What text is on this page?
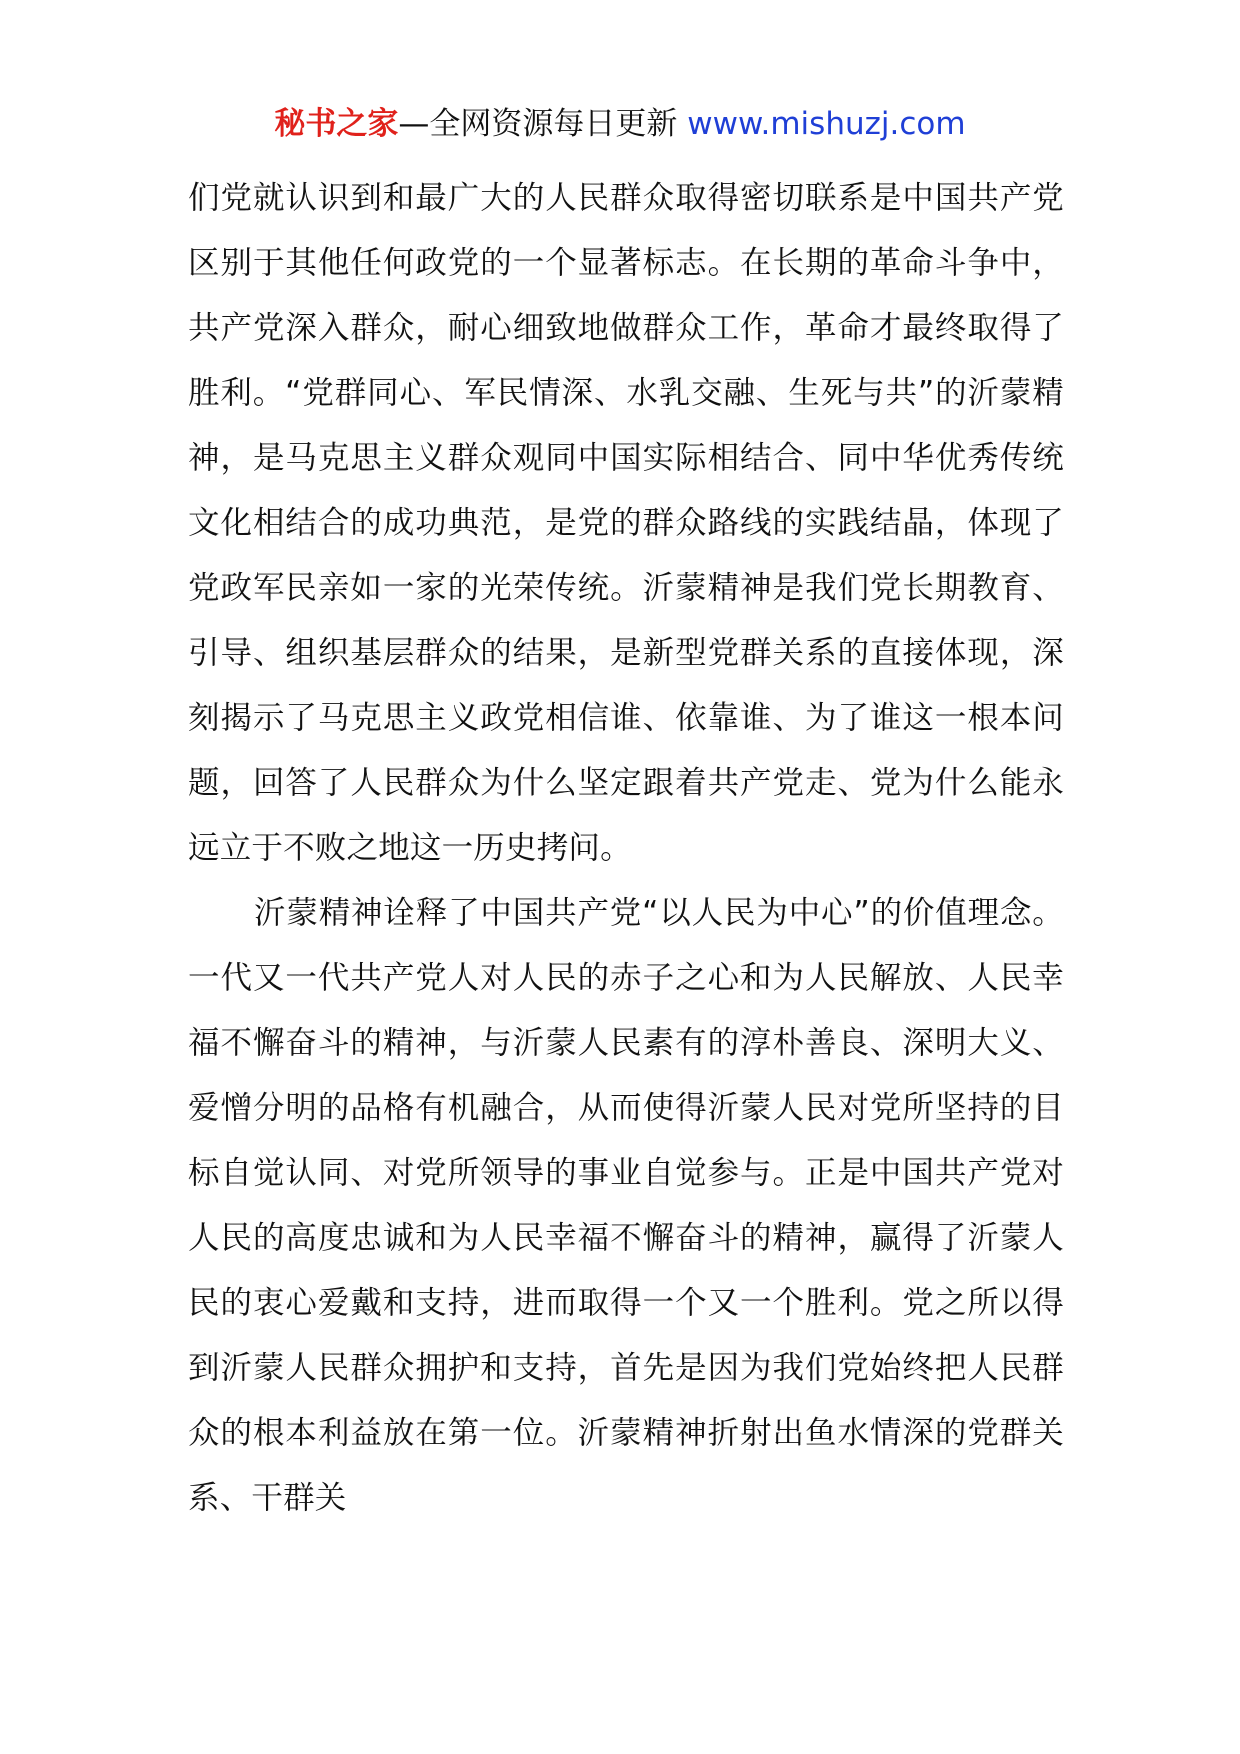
秘书之家—全网资源每日更新 www.mishuzj.com

们党就认识到和最广大的人民群众取得密切联系是中国共产党区别于其他任何政党的一个显著标志。在长期的革命斗争中，共产党深入群众，耐心细致地做群众工作，革命才最终取得了胜利。“党群同心、军民情深、水乳交融、生死与共”的沂蒙精神，是马克思主义群众观同中国实际相结合、同中华优秀传统文化相结合的成功典范，是党的群众路线的实践结晶，体现了党政军民亲如一家的光荣传统。沂蒙精神是我们党长期教育、引导、组织基层群众的结果，是新型党群关系的直接体现，深刻揭示了马克思主义政党相信谁、依靠谁、为了谁这一根本问题，回答了人民群众为什么坚定跟着共产党走、党为什么能永远立于不败之地这一历史拷问。

沂蒙精神诠释了中国共产党“以人民为中心”的价值理念。一代又一代共产党人对人民的赤子之心和为人民解放、人民幸福不懈奋斗的精神，与沂蒙人民素有的淳朴善良、深明大义、爱憎分明的品格有机融合，从而使得沂蒙人民对党所坚持的目标自觉认同、对党所领导的事业自觉参与。正是中国共产党对人民的高度忠诚和为人民幸福不懈奋斗的精神，赢得了沂蒙人民的衷心爱戴和支持，进而取得一个又一个胜利。党之所以得到沂蒙人民群众拥护和支持，首先是因为我们党始终把人民群众的根本利益放在第一位。沂蒙精神折射出鱼水情深的党群关系、干群关
